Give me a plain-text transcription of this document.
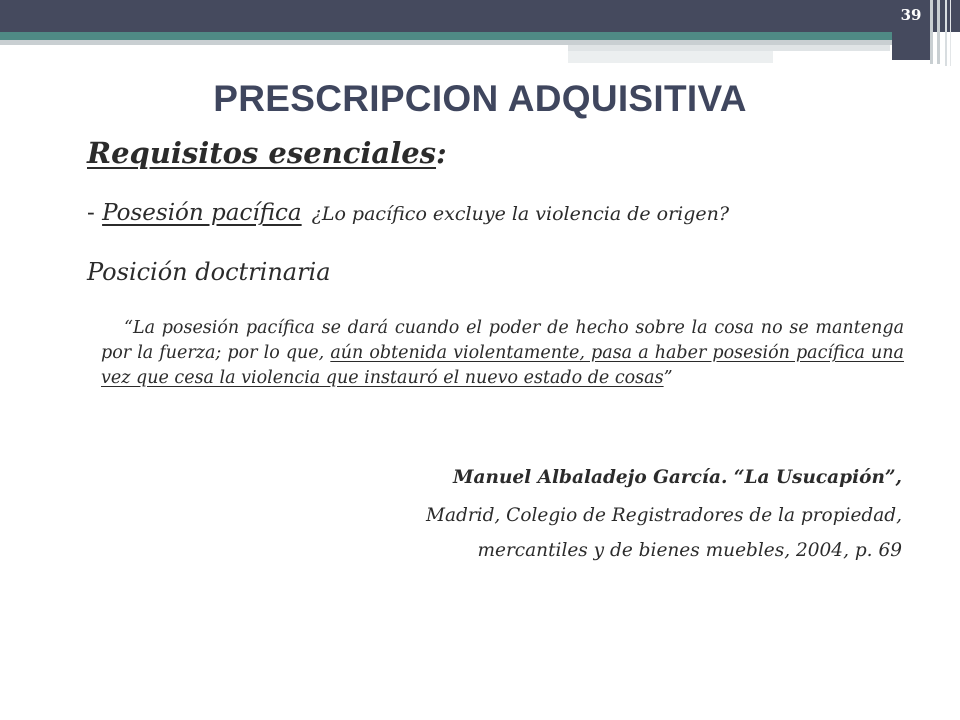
39
PRESCRIPCION ADQUISITIVA
Requisitos esenciales:
- Posesión pacífica ¿Lo pacífico excluye la violencia de origen?
Posición doctrinaria
“La posesión pacífica se dará cuando el poder de hecho sobre la cosa no se mantenga por la fuerza; por lo que, aún obtenida violentamente, pasa a haber posesión pacífica una vez que cesa la violencia que instauró el nuevo estado de cosas”
Manuel Albaladejo García. “La Usucapión”,
Madrid, Colegio de Registradores de la propiedad,
mercantiles y de bienes muebles, 2004, p. 69
